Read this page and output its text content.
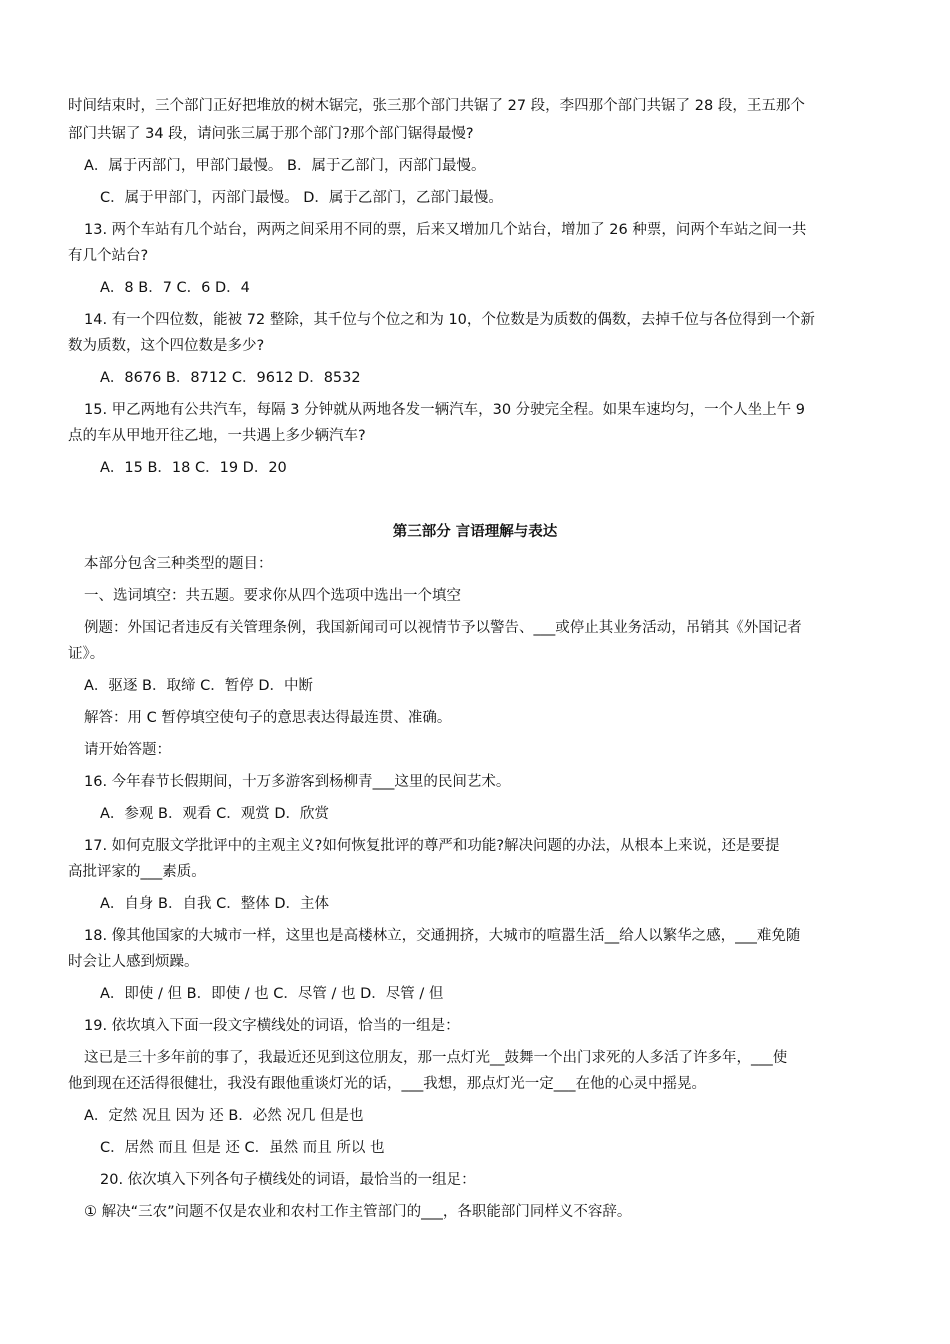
时间结束时，三个部门正好把堆放的树木锯完，张三那个部门共锯了 27 段，李四那个部门共锯了 28 段，王五那个
部门共锯了 34 段，请问张三属于那个部门?那个部门锯得最慢?
A．属于丙部门，甲部门最慢。 B．属于乙部门，丙部门最慢。
C．属于甲部门，丙部门最慢。 D．属于乙部门，乙部门最慢。
13. 两个车站有几个站台，两两之间采用不同的票，后来又增加几个站台，增加了 26 种票，问两个车站之间一共
有几个站台?
A．8 B．7 C．6 D．4
14. 有一个四位数，能被 72 整除，其千位与个位之和为 10，个位数是为质数的偶数，去掉千位与各位得到一个新
数为质数，这个四位数是多少?
A．8676 B．8712 C．9612 D．8532
15. 甲乙两地有公共汽车，每隔 3 分钟就从两地各发一辆汽车，30 分驶完全程。如果车速均匀，一个人坐上午 9
点的车从甲地开往乙地，一共遇上多少辆汽车?
A．15 B．18 C．19 D．20
第三部分 言语理解与表达
本部分包含三种类型的题目：
一、选词填空：共五题。要求你从四个选项中选出一个填空
例题：外国记者违反有关管理条例，我国新闻司可以视情节予以警告、___或停止其业务活动，吊销其《外国记者
证》。
A．驱逐 B．取缔 C．暂停 D．中断
解答：用 C 暂停填空使句子的意思表达得最连贯、准确。
请开始答题：
16. 今年春节长假期间，十万多游客到杨柳青___这里的民间艺术。
A．参观 B．观看 C．观赏 D．欣赏
17. 如何克服文学批评中的主观主义?如何恢复批评的尊严和功能?解决问题的办法，从根本上来说，还是要提
高批评家的___素质。
A．自身 B．自我 C．整体 D．主体
18. 像其他国家的大城市一样，这里也是高楼林立，交通拥挤，大城市的喧嚣生活__给人以繁华之感，___难免随
时会让人感到烦躁。
A．即使 / 但 B．即使 / 也 C．尽管 / 也 D．尽管 / 但
19. 依坎填入下面一段文字横线处的词语，恰当的一组是：
这已是三十多年前的事了，我最近还见到这位朋友，那一点灯光__鼓舞一个出门求死的人多活了许多年，___使
他到现在还活得很健壮，我没有跟他重谈灯光的话，___我想，那点灯光一定___在他的心灵中摇晃。
A．定然 况且 因为 还 B．必然 况几 但是也
C．居然 而且 但是 还 C．虽然 而且 所以 也
20. 依次填入下列各句子横线处的词语，最恰当的一组足：
① 解决“三农”问题不仅是农业和农村工作主管部门的___，各职能部门同样义不容辞。
